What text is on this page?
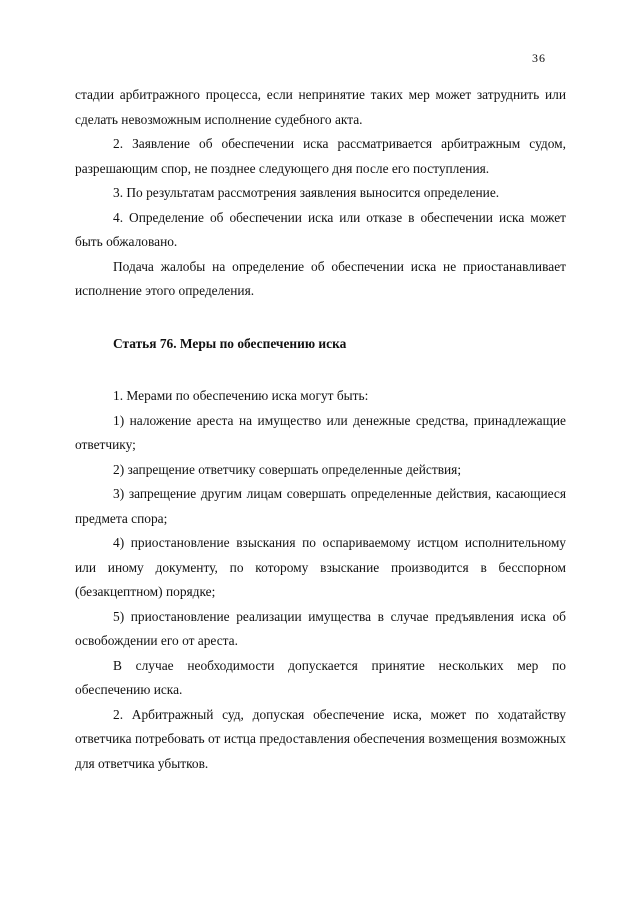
36

стадии арбитражного процесса, если непринятие таких мер может затруднить или сделать невозможным исполнение судебного акта.

2. Заявление об обеспечении иска рассматривается арбитражным судом, разрешающим спор, не позднее следующего дня после его поступления.

3. По результатам рассмотрения заявления выносится определение.

4. Определение об обеспечении иска или отказе в обеспечении иска может быть обжаловано.

Подача жалобы на определение об обеспечении иска не приостанавливает исполнение этого определения.

Статья 76. Меры по обеспечению иска

1. Мерами по обеспечению иска могут быть:

1) наложение ареста на имущество или денежные средства, принадлежащие ответчику;

2) запрещение ответчику совершать определенные действия;

3) запрещение другим лицам совершать определенные действия, касающиеся предмета спора;

4) приостановление взыскания по оспариваемому истцом исполнительному или иному документу, по которому взыскание производится в бесспорном (безакцептном) порядке;

5) приостановление реализации имущества в случае предъявления иска об освобождении его от ареста.

В случае необходимости допускается принятие нескольких мер по обеспечению иска.

2. Арбитражный суд, допуская обеспечение иска, может по ходатайству ответчика потребовать от истца предоставления обеспечения возмещения возможных для ответчика убытков.
